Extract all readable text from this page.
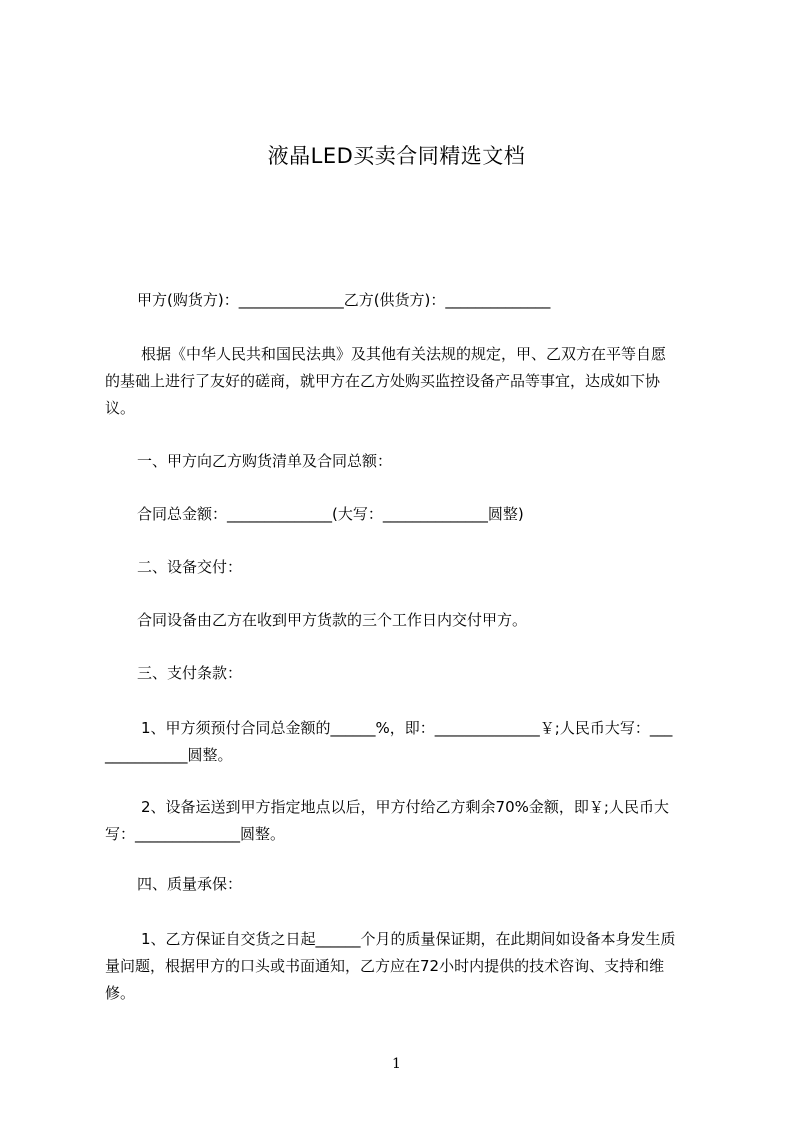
液晶LED买卖合同精选文档
甲方(购货方)：______________乙方(供货方)：______________
根据《中华人民共和国民法典》及其他有关法规的规定，甲、乙双方在平等自愿
的基础上进行了友好的磋商，就甲方在乙方处购买监控设备产品等事宜，达成如下协
议。
一、甲方向乙方购货清单及合同总额：
合同总金额：______________(大写：______________圆整)
二、设备交付：
合同设备由乙方在收到甲方货款的三个工作日内交付甲方。
三、支付条款：
1、甲方须预付合同总金额的______%，即：______________￥;人民币大写：___
___________圆整。
2、设备运送到甲方指定地点以后，甲方付给乙方剩余70%金额，即￥;人民币大
写：______________圆整。
四、质量承保：
1、乙方保证自交货之日起______个月的质量保证期，在此期间如设备本身发生质
量问题，根据甲方的口头或书面通知，乙方应在72小时内提供的技术咨询、支持和维
修。
1
